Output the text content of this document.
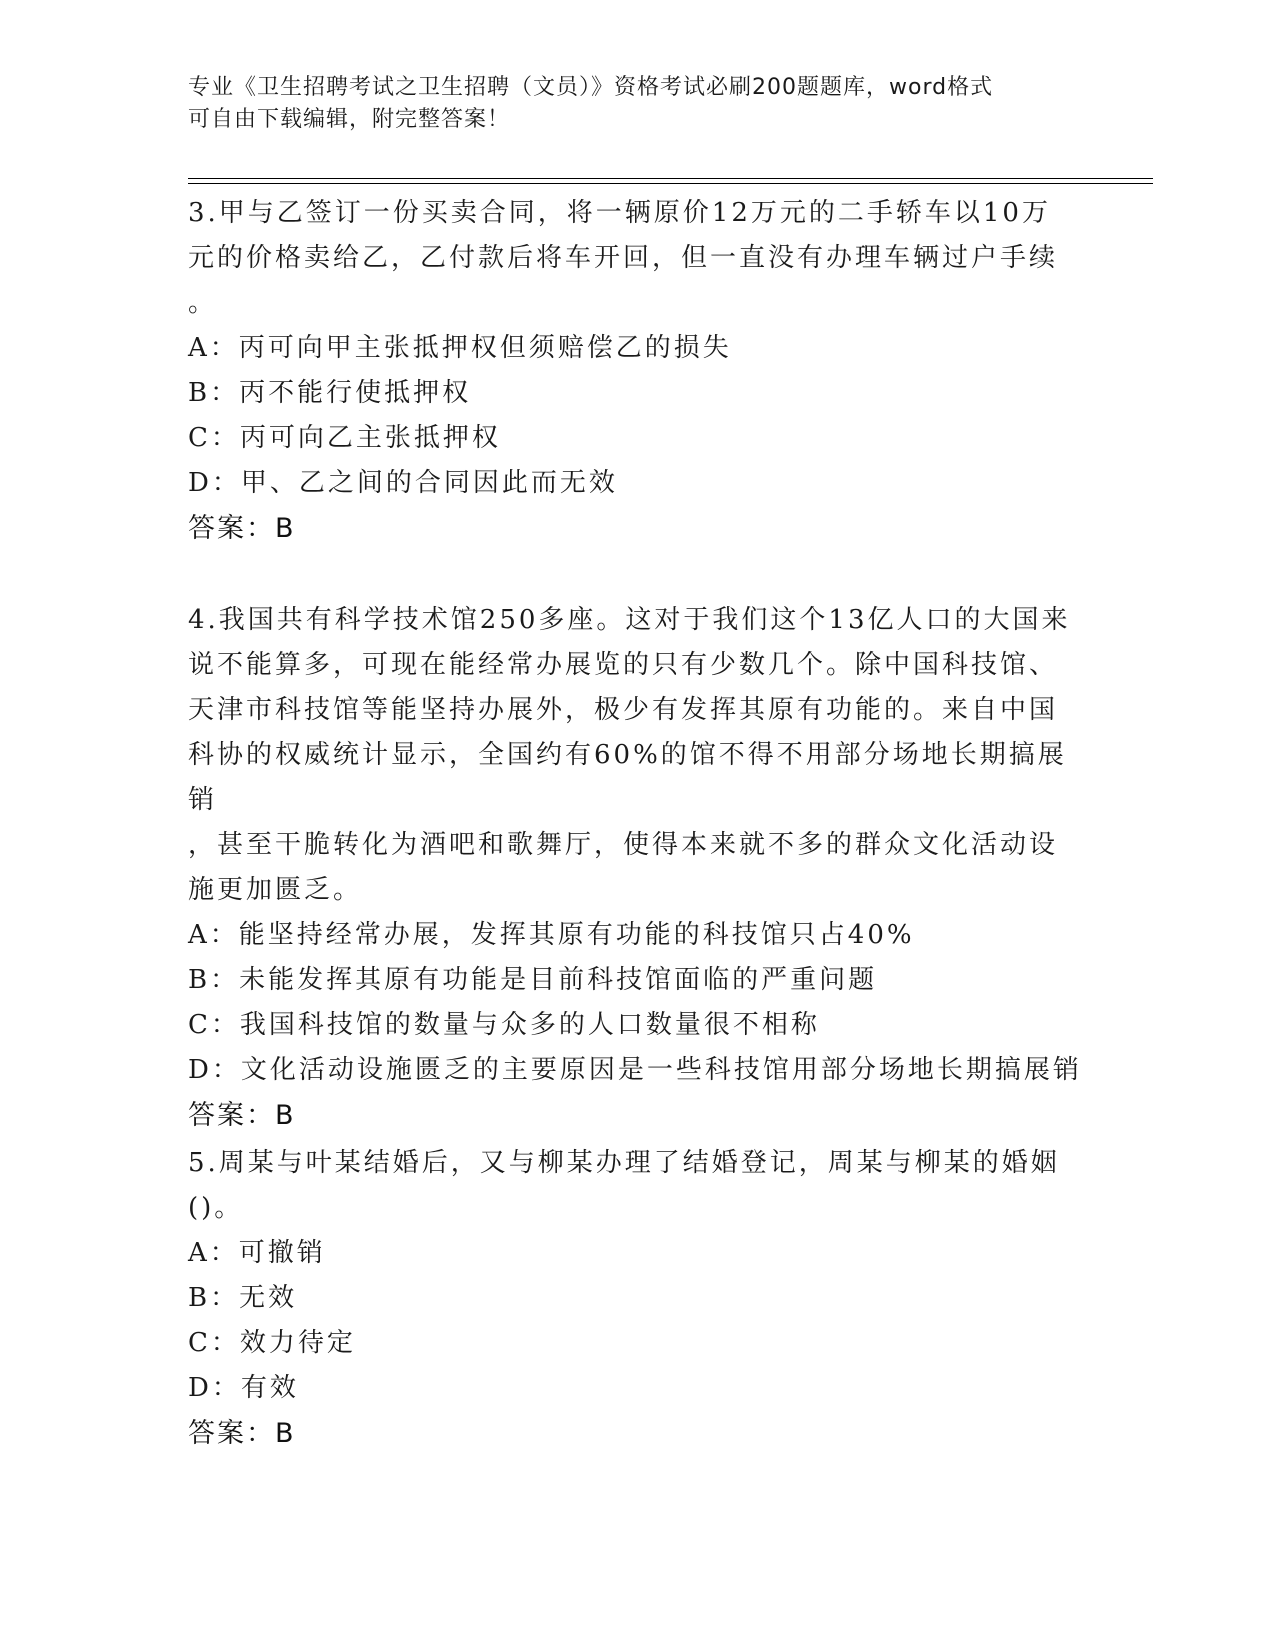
专业《卫生招聘考试之卫生招聘（文员）》资格考试必刷200题题库，word格式
可自由下载编辑，附完整答案！

3.甲与乙签订一份买卖合同，将一辆原价12万元的二手轿车以10万

元的价格卖给乙，乙付款后将车开回，但一直没有办理车辆过户手续

。

A：丙可向甲主张抵押权但须赔偿乙的损失

B：丙不能行使抵押权

C：丙可向乙主张抵押权

D：甲、乙之间的合同因此而无效

答案：B

4.我国共有科学技术馆250多座。这对于我们这个13亿人口的大国来

说不能算多，可现在能经常办展览的只有少数几个。除中国科技馆、

天津市科技馆等能坚持办展外，极少有发挥其原有功能的。来自中国

科协的权威统计显示，全国约有60%的馆不得不用部分场地长期搞展销

，甚至干脆转化为酒吧和歌舞厅，使得本来就不多的群众文化活动设

施更加匮乏。

A：能坚持经常办展，发挥其原有功能的科技馆只占40%

B：未能发挥其原有功能是目前科技馆面临的严重问题

C：我国科技馆的数量与众多的人口数量很不相称

D：文化活动设施匮乏的主要原因是一些科技馆用部分场地长期搞展销

答案：B

5.周某与叶某结婚后，又与柳某办理了结婚登记，周某与柳某的婚姻

()。

A：可撤销

B：无效

C：效力待定

D：有效

答案：B
